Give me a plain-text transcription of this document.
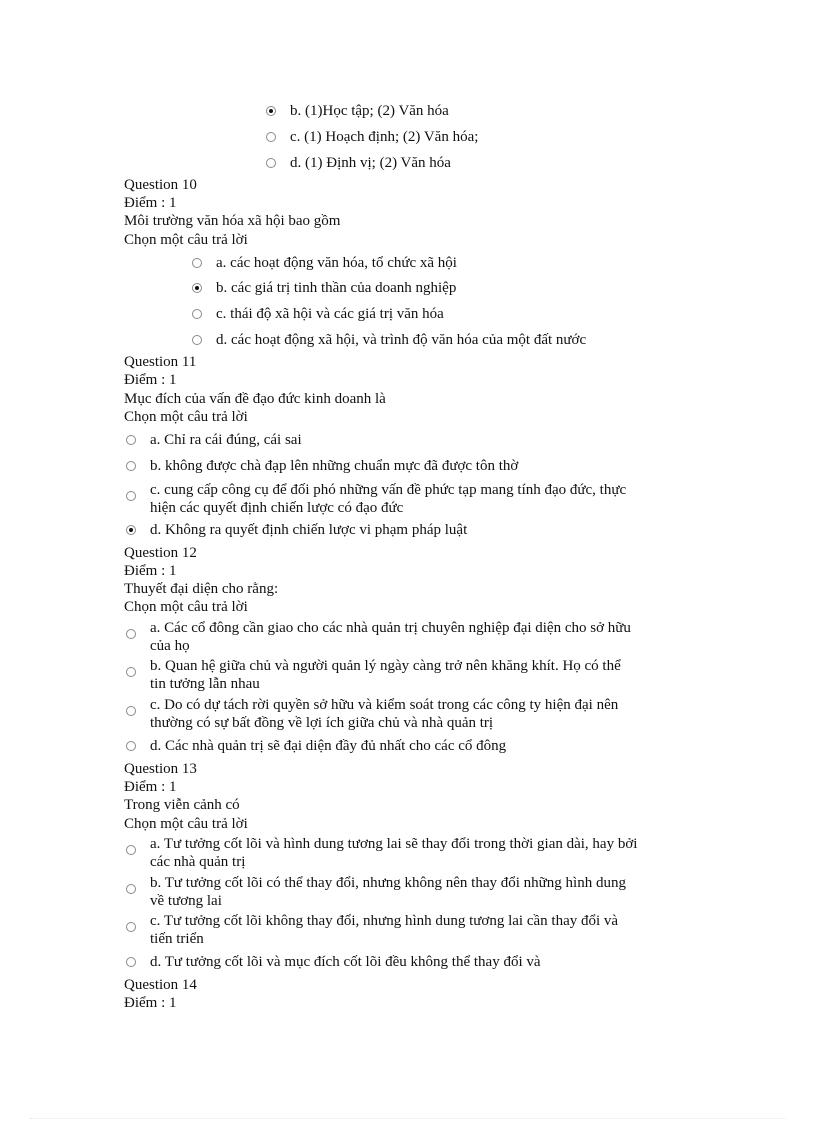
b. (1)Học tập; (2) Văn hóa
c. (1) Hoạch định; (2) Văn hóa;
d. (1) Định vị; (2) Văn hóa
Question 10
Điểm : 1
Môi trường văn hóa xã hội bao gồm
Chọn một câu trả lời
a. các hoạt động văn hóa, tổ chức xã hội
b. các giá trị tinh thần của doanh nghiệp
c. thái độ xã hội và các giá trị văn hóa
d. các hoạt động xã hội, và trình độ văn hóa của một đất nước
Question 11
Điểm : 1
Mục đích của vấn đề đạo đức kinh doanh là
Chọn một câu trả lời
a. Chỉ ra cái đúng, cái sai
b. không được chà đạp lên những chuẩn mực đã được tôn thờ
c. cung cấp công cụ để đối phó những vấn đề phức tạp mang tính đạo đức, thực
hiện các quyết định chiến lược có đạo đức
d. Không ra quyết định chiến lược vi phạm pháp luật
Question 12
Điểm : 1
Thuyết đại diện cho rằng:
Chọn một câu trả lời
a. Các cổ đông cần giao cho các nhà quản trị chuyên nghiệp đại diện cho sở hữu
của họ
b. Quan hệ giữa chủ và người quản lý ngày càng trở nên khăng khít. Họ có thể
tin tưởng lẫn nhau
c. Do có dự tách rời quyền sở hữu và kiểm soát trong các công ty hiện đại nên
thường có sự bất đồng về lợi ích giữa chủ và nhà quản trị
d. Các nhà quản trị sẽ đại diện đầy đủ nhất cho các cổ đông
Question 13
Điểm : 1
Trong viễn cảnh có
Chọn một câu trả lời
a. Tư tưởng cốt lõi và hình dung tương lai sẽ thay đổi trong thời gian dài, hay bởi
các nhà quản trị
b. Tư tưởng cốt lõi có thể thay đổi, nhưng không nên thay đổi những hình dung
về tương lai
c. Tư tưởng cốt lõi không thay đổi, nhưng hình dung tương lai cần thay đổi và
tiến triển
d. Tư tưởng cốt lõi và mục đích cốt lõi đều không thể thay đổi và
Question 14
Điểm : 1
